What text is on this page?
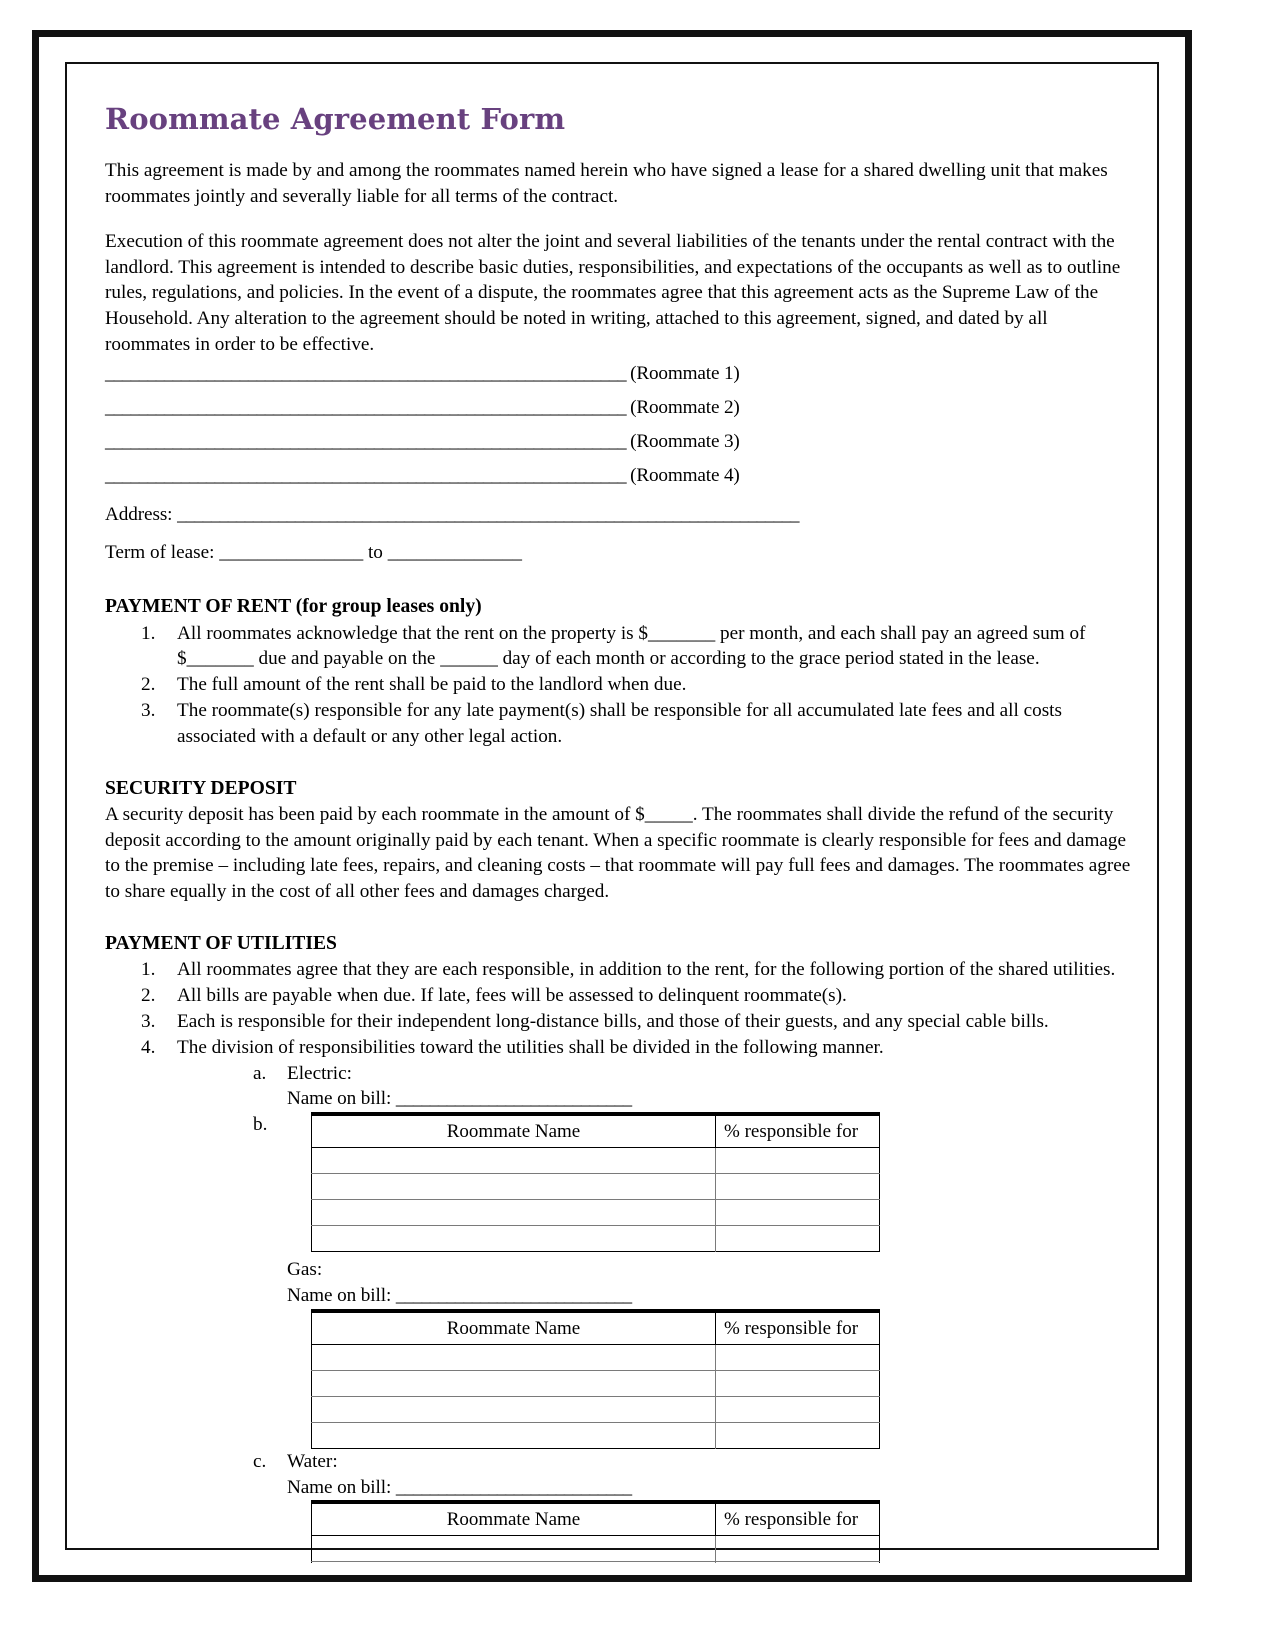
Roommate Agreement Form

This agreement is made by and among the roommates named herein who have signed a lease for a shared dwelling unit that makes roommates jointly and severally liable for all terms of the contract.

Execution of this roommate agreement does not alter the joint and several liabilities of the tenants under the rental contract with the landlord. This agreement is intended to describe basic duties, responsibilities, and expectations of the occupants as well as to outline rules, regulations, and policies. In the event of a dispute, the roommates agree that this agreement acts as the Supreme Law of the Household. Any alteration to the agreement should be noted in writing, attached to this agreement, signed, and dated by all roommates in order to be effective.

______________________________________________________________ (Roommate 1)
______________________________________________________________ (Roommate 2)
______________________________________________________________ (Roommate 3)
______________________________________________________________ (Roommate 4)
Address: __________________________________________________________________________
Term of lease: _______________ to ______________
PAYMENT OF RENT (for group leases only)
1.	All roommates acknowledge that the rent on the property is $_______ per month, and each shall pay an agreed sum of $_______ due and payable on the ______ day of each month or according to the grace period stated in the lease.
2.	The full amount of the rent shall be paid to the landlord when due.
3.	The roommate(s) responsible for any late payment(s) shall be responsible for all accumulated late fees and all costs associated with a default or any other legal action.
SECURITY DEPOSIT

A security deposit has been paid by each roommate in the amount of $_____. The roommates shall divide the refund of the security deposit according to the amount originally paid by each tenant. When a specific roommate is clearly responsible for fees and damage to the premise – including late fees, repairs, and cleaning costs – that roommate will pay full fees and damages. The roommates agree to share equally in the cost of all other fees and damages charged.

PAYMENT OF UTILITIES
1.	All roommates agree that they are each responsible, in addition to the rent, for the following portion of the shared utilities.
2.	All bills are payable when due. If late, fees will be assessed to delinquent roommate(s).
3.	Each is responsible for their independent long-distance bills, and those of their guests, and any special cable bills.
4.	The division of responsibilities toward the utilities shall be divided in the following manner.
a.	Electric:
Name on bill: ____________________________
b.	Roommate Name	% responsible for

Gas:
Name on bill: ____________________________
Roommate Name	% responsible for

c.	Water:
Name on bill: ____________________________
Roommate Name	% responsible for
